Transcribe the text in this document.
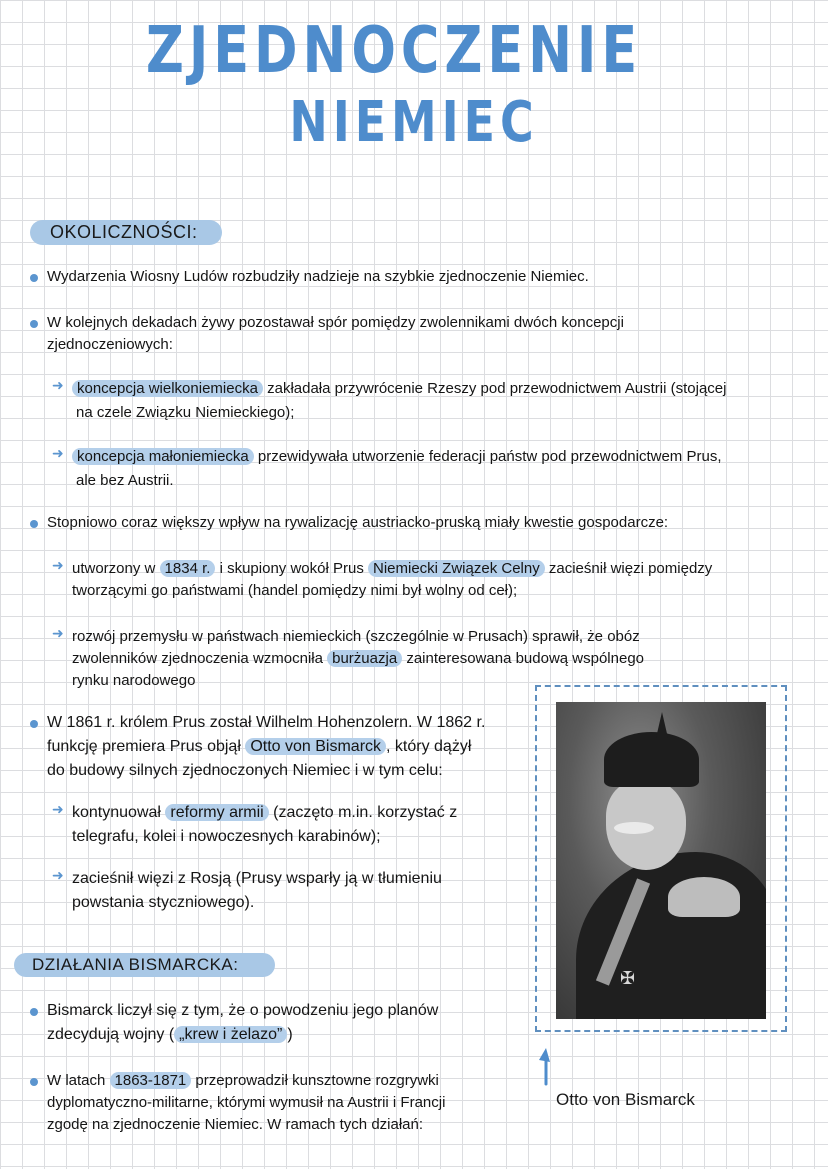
ZJEDNOCZENIE
NIEMIEC
OKOLICZNOŚCI:
Wydarzenia Wiosny Ludów rozbudziły nadzieje na szybkie zjednoczenie Niemiec.
W kolejnych dekadach żywy pozostawał spór pomiędzy zwolennikami dwóch koncepcji
zjednoczeniowych:
➜ koncepcja wielkoniemiecka zakładała przywrócenie Rzeszy pod przewodnictwem Austrii (stojącej
na czele Związku Niemieckiego);
➜ koncepcja małoniemiecka przewidywała utworzenie federacji państw pod przewodnictwem Prus,
ale bez Austrii.
Stopniowo coraz większy wpływ na rywalizację austriacko-pruską miały kwestie gospodarcze:
➜ utworzony w 1834 r. i skupiony wokół Prus Niemiecki Związek Celny zacieśnił więzi pomiędzy
tworzącymi go państwami (handel pomiędzy nimi był wolny od ceł);
➜ rozwój przemysłu w państwach niemieckich (szczególnie w Prusach) sprawił, że obóz
zwolenników zjednoczenia wzmocniła burżuazja zainteresowana budową wspólnego
rynku narodowego
W 1861 r. królem Prus został Wilhelm Hohenzolern. W 1862 r.
funkcję premiera Prus objął Otto von Bismarck , który dążył
do budowy silnych zjednoczonych Niemiec i w tym celu:
➜ kontynuował reformy armii (zaczęto m.in. korzystać z
telegrafu, kolei i nowoczesnych karabinów);
➜ zacieśnił więzi z Rosją (Prusy wsparły ją w tłumieniu
powstania styczniowego).
DZIAŁANIA BISMARCKA:
Bismarck liczył się z tym, że o powodzeniu jego planów
zdecydują wojny ( „krew i żelazo” )
W latach 1863-1871 przeprowadził kunsztowne rozgrywki
dyplomatyczno-militarne, którymi wymusił na Austrii i Francji
zgodę na zjednoczenie Niemiec. W ramach tych działań:
✠
Otto von Bismarck
